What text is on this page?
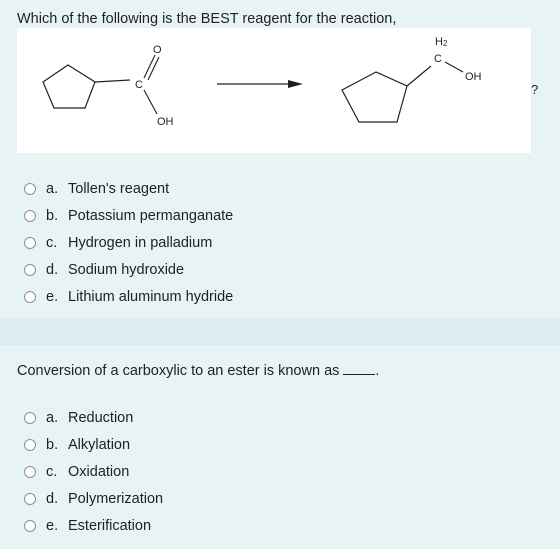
Which of the following is the BEST reagent for the reaction,
O
C
OH
H2
C
OH
?
a. Tollen's reagent
b. Potassium permanganate
c. Hydrogen in palladium
d. Sodium hydroxide
e. Lithium aluminum hydride
Conversion of a carboxylic to an ester is known as .
a. Reduction
b. Alkylation
c. Oxidation
d. Polymerization
e. Esterification
